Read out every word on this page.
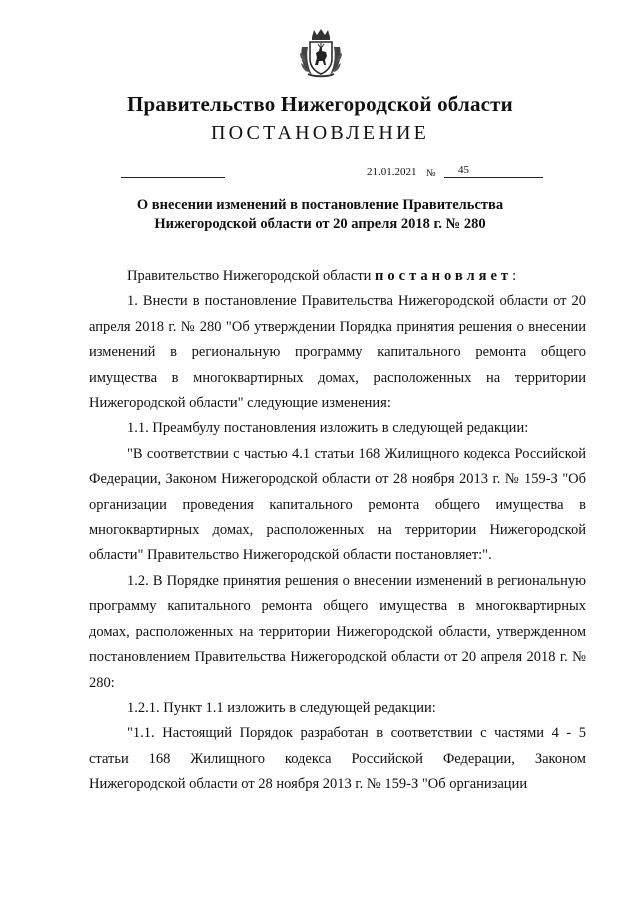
Правительство Нижегородской области
ПОСТАНОВЛЕНИЕ
21.01.2021 № 45
О внесении изменений в постановление Правительства
Нижегородской области от 20 апреля 2018 г. № 280

Правительство Нижегородской области постановляет:

1. Внести в постановление Правительства Нижегородской области от 20 апреля 2018 г. № 280 "Об утверждении Порядка принятия решения о внесении изменений в региональную программу капитального ремонта общего имущества в многоквартирных домах, расположенных на территории Нижегородской области" следующие изменения:

1.1. Преамбулу постановления изложить в следующей редакции:

"В соответствии с частью 4.1 статьи 168 Жилищного кодекса Российской Федерации, Законом Нижегородской области от 28 ноября 2013 г. № 159-З "Об организации проведения капитального ремонта общего имущества в многоквартирных домах, расположенных на территории Нижегородской области" Правительство Нижегородской области постановляет:".

1.2. В Порядке принятия решения о внесении изменений в региональную программу капитального ремонта общего имущества в многоквартирных домах, расположенных на территории Нижегородской области, утвержденном постановлением Правительства Нижегородской области от 20 апреля 2018 г. № 280:

1.2.1. Пункт 1.1 изложить в следующей редакции:

"1.1. Настоящий Порядок разработан в соответствии с частями 4 - 5 статьи 168 Жилищного кодекса Российской Федерации, Законом Нижегородской области от 28 ноября 2013 г. № 159-З "Об организации
